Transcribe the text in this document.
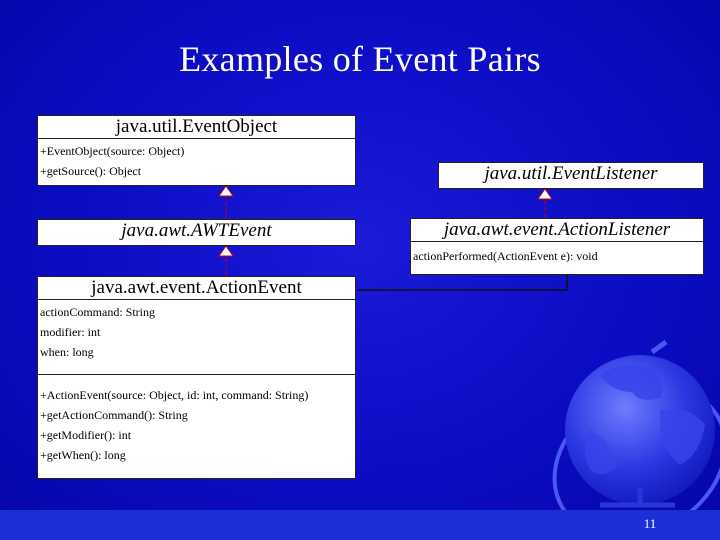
Examples of Event Pairs
11
java.util.EventObject
+EventObject(source: Object)
+getSource(): Object
java.awt.AWTEvent
java.awt.event.ActionEvent
actionCommand: String
modifier: int
when: long
+ActionEvent(source: Object, id: int, command: String)
+getActionCommand(): String
+getModifier(): int
+getWhen(): long
java.util.EventListener
java.awt.event.ActionListener
actionPerformed(ActionEvent e): void
